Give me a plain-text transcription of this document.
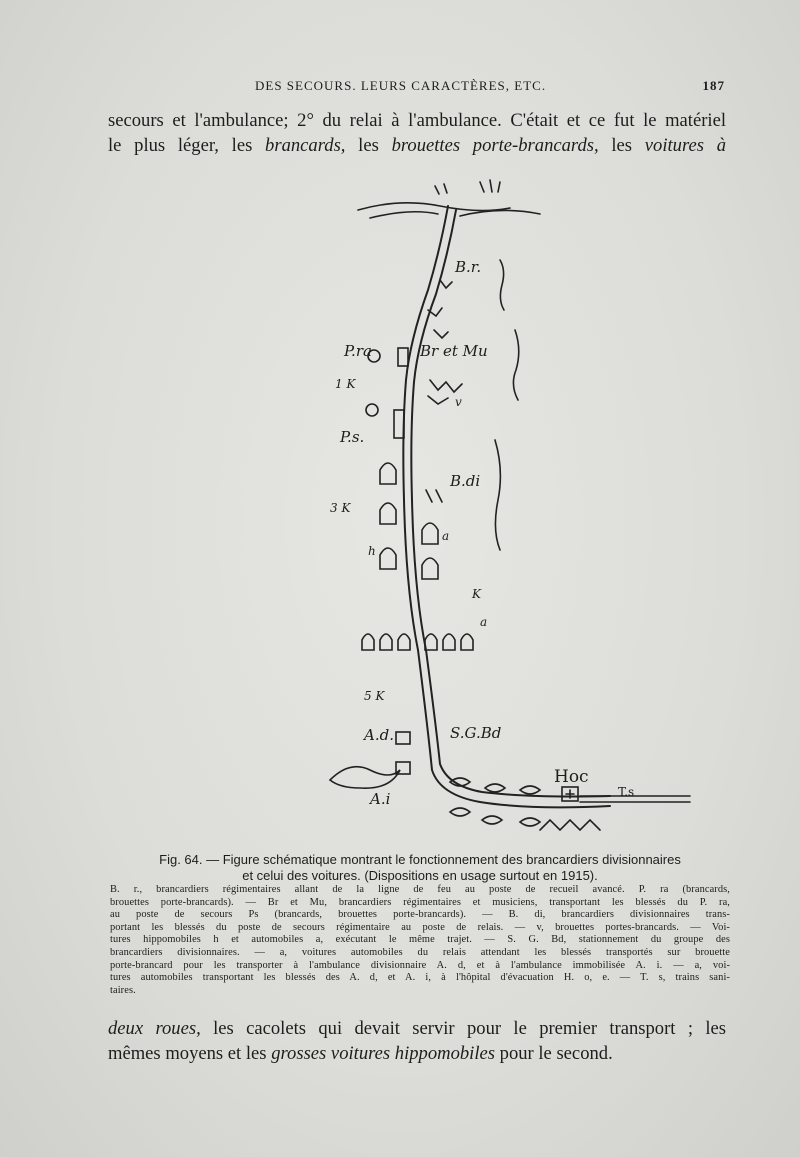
DES SECOURS. LEURS CARACTÈRES, ETC.	187
secours et l'ambulance; 2° du relai à l'ambulance. C'était et ce fut le matériel
le plus léger, les brancards, les brouettes porte-brancards, les voitures à
B.r.
P.ra	Br et Mu
1 K
P.s.
v
B.di
3 K
a
h
K
a
5 K
S.G.Bd
A.d.
Hoc
A.i	T.s
Fig. 64. — Figure schématique montrant le fonctionnement des brancardiers divisionnaires
et celui des voitures. (Dispositions en usage surtout en 1915).
B. r., brancardiers régimentaires allant de la ligne de feu au poste de recueil avancé. P. ra (brancards,
brouettes porte-brancards). — Br et Mu, brancardiers régimentaires et musiciens, transportant les blessés du P. ra,
au poste de secours Ps (brancards, brouettes porte-brancards). — B. di, brancardiers divisionnaires trans-
portant les blessés du poste de secours régimentaire au poste de relais. — v, brouettes portes-brancards. — Voi-
tures hippomobiles h et automobiles a, exécutant le même trajet. — S. G. Bd, stationnement du groupe des
brancardiers divisionnaires. — a, voitures automobiles du relais attendant les blessés transportés sur brouette
porte-brancard pour les transporter à l'ambulance divisionnaire A. d, et à l'ambulance immobilisée A. i. — a, voi-
tures automobiles transportant les blessés des A. d, et A. i, à l'hôpital d'évacuation H. o, e. — T. s, trains sani-
taires.
deux roues, les cacolets qui devait servir pour le premier transport ; les
mêmes moyens et les grosses voitures hippomobiles pour le second.
